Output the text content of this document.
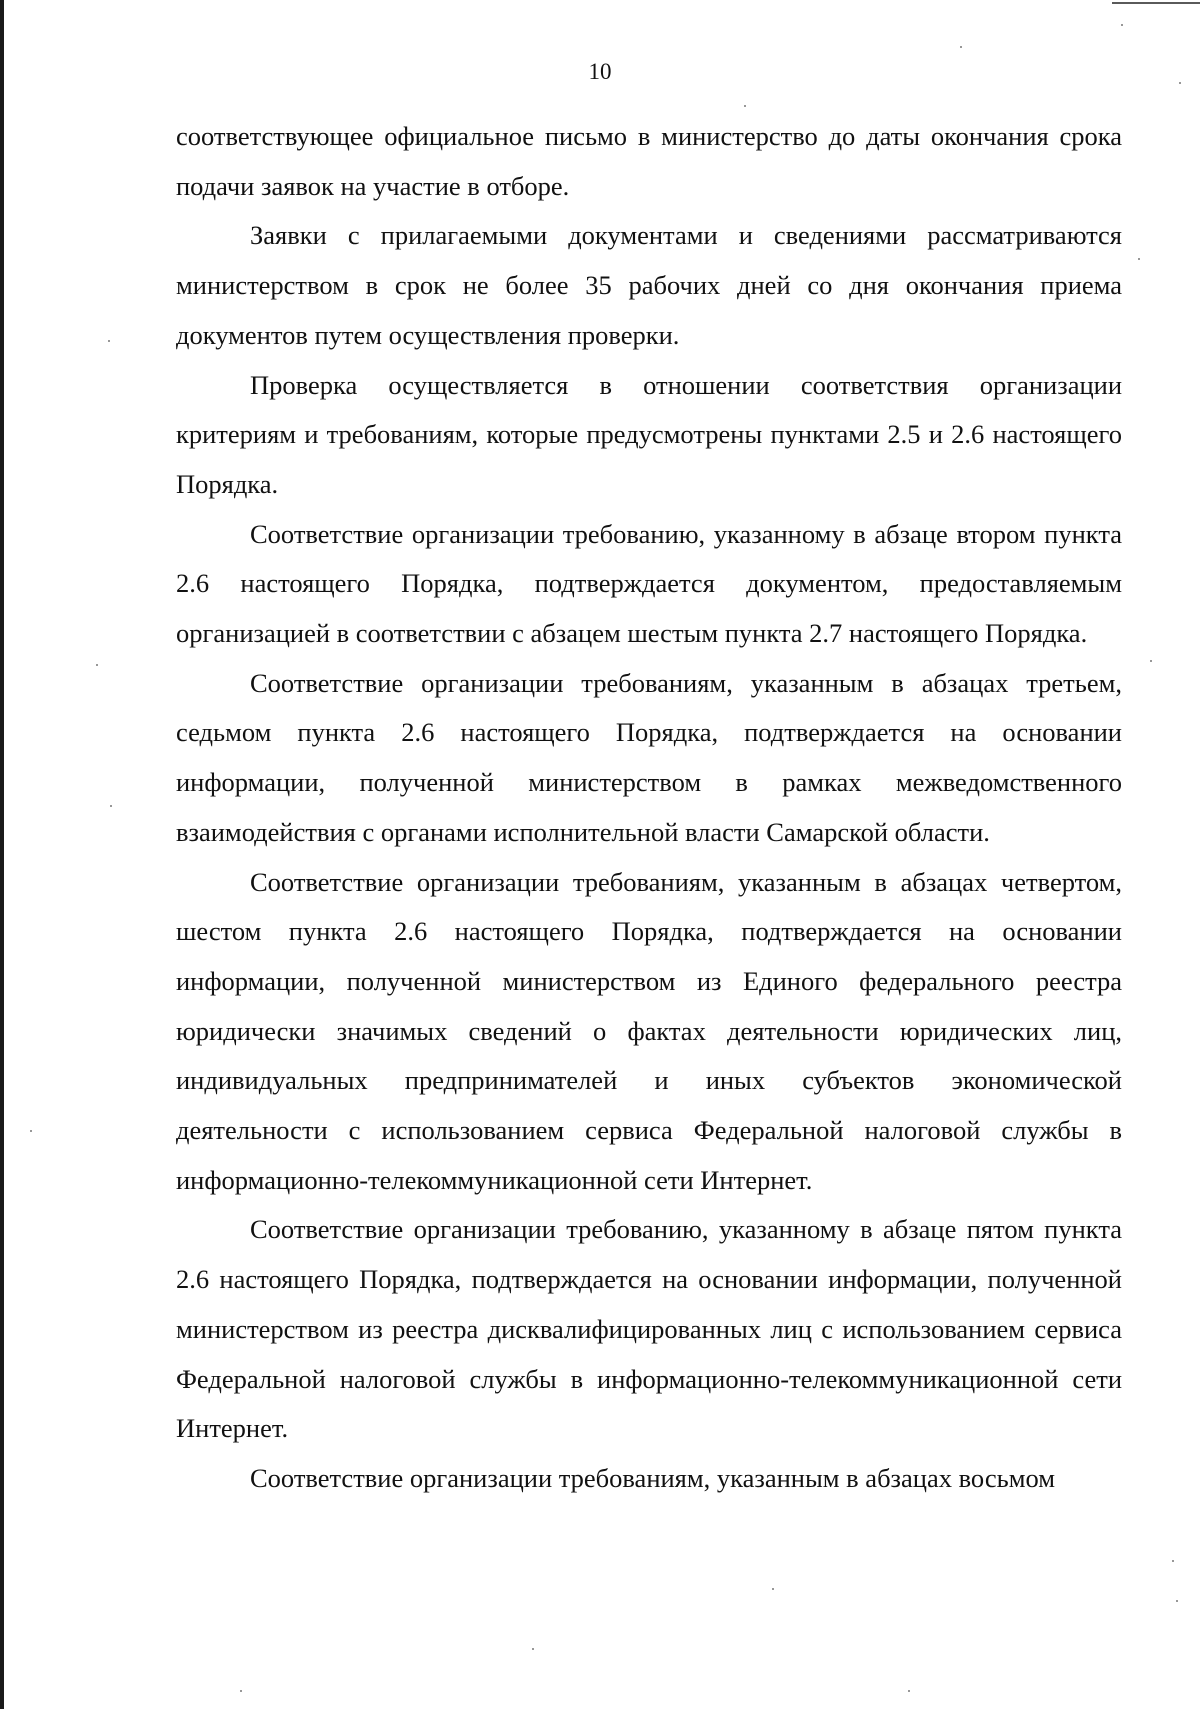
10

соответствующее официальное письмо в министерство до даты окончания срока подачи заявок на участие в отборе.

Заявки с прилагаемыми документами и сведениями рассматриваются министерством в срок не более 35 рабочих дней со дня окончания приема документов путем осуществления проверки.

Проверка осуществляется в отношении соответствия организации критериям и требованиям, которые предусмотрены пунктами 2.5 и 2.6 настоящего Порядка.

Соответствие организации требованию, указанному в абзаце втором пункта 2.6 настоящего Порядка, подтверждается документом, предоставляемым организацией в соответствии с абзацем шестым пункта 2.7 настоящего Порядка.

Соответствие организации требованиям, указанным в абзацах третьем, седьмом пункта 2.6 настоящего Порядка, подтверждается на основании информации, полученной министерством в рамках межведомственного взаимодействия с органами исполнительной власти Самарской области.

Соответствие организации требованиям, указанным в абзацах четвертом, шестом пункта 2.6 настоящего Порядка, подтверждается на основании информации, полученной министерством из Единого федерального реестра юридически значимых сведений о фактах деятельности юридических лиц, индивидуальных предпринимателей и иных субъектов экономической деятельности с использованием сервиса Федеральной налоговой службы в информационно-телекоммуникационной сети Интернет.

Соответствие организации требованию, указанному в абзаце пятом пункта 2.6 настоящего Порядка, подтверждается на основании информации, полученной министерством из реестра дисквалифицированных лиц с использованием сервиса Федеральной налоговой службы в информационно-телекоммуникационной сети Интернет.

Соответствие организации требованиям, указанным в абзацах восьмом
